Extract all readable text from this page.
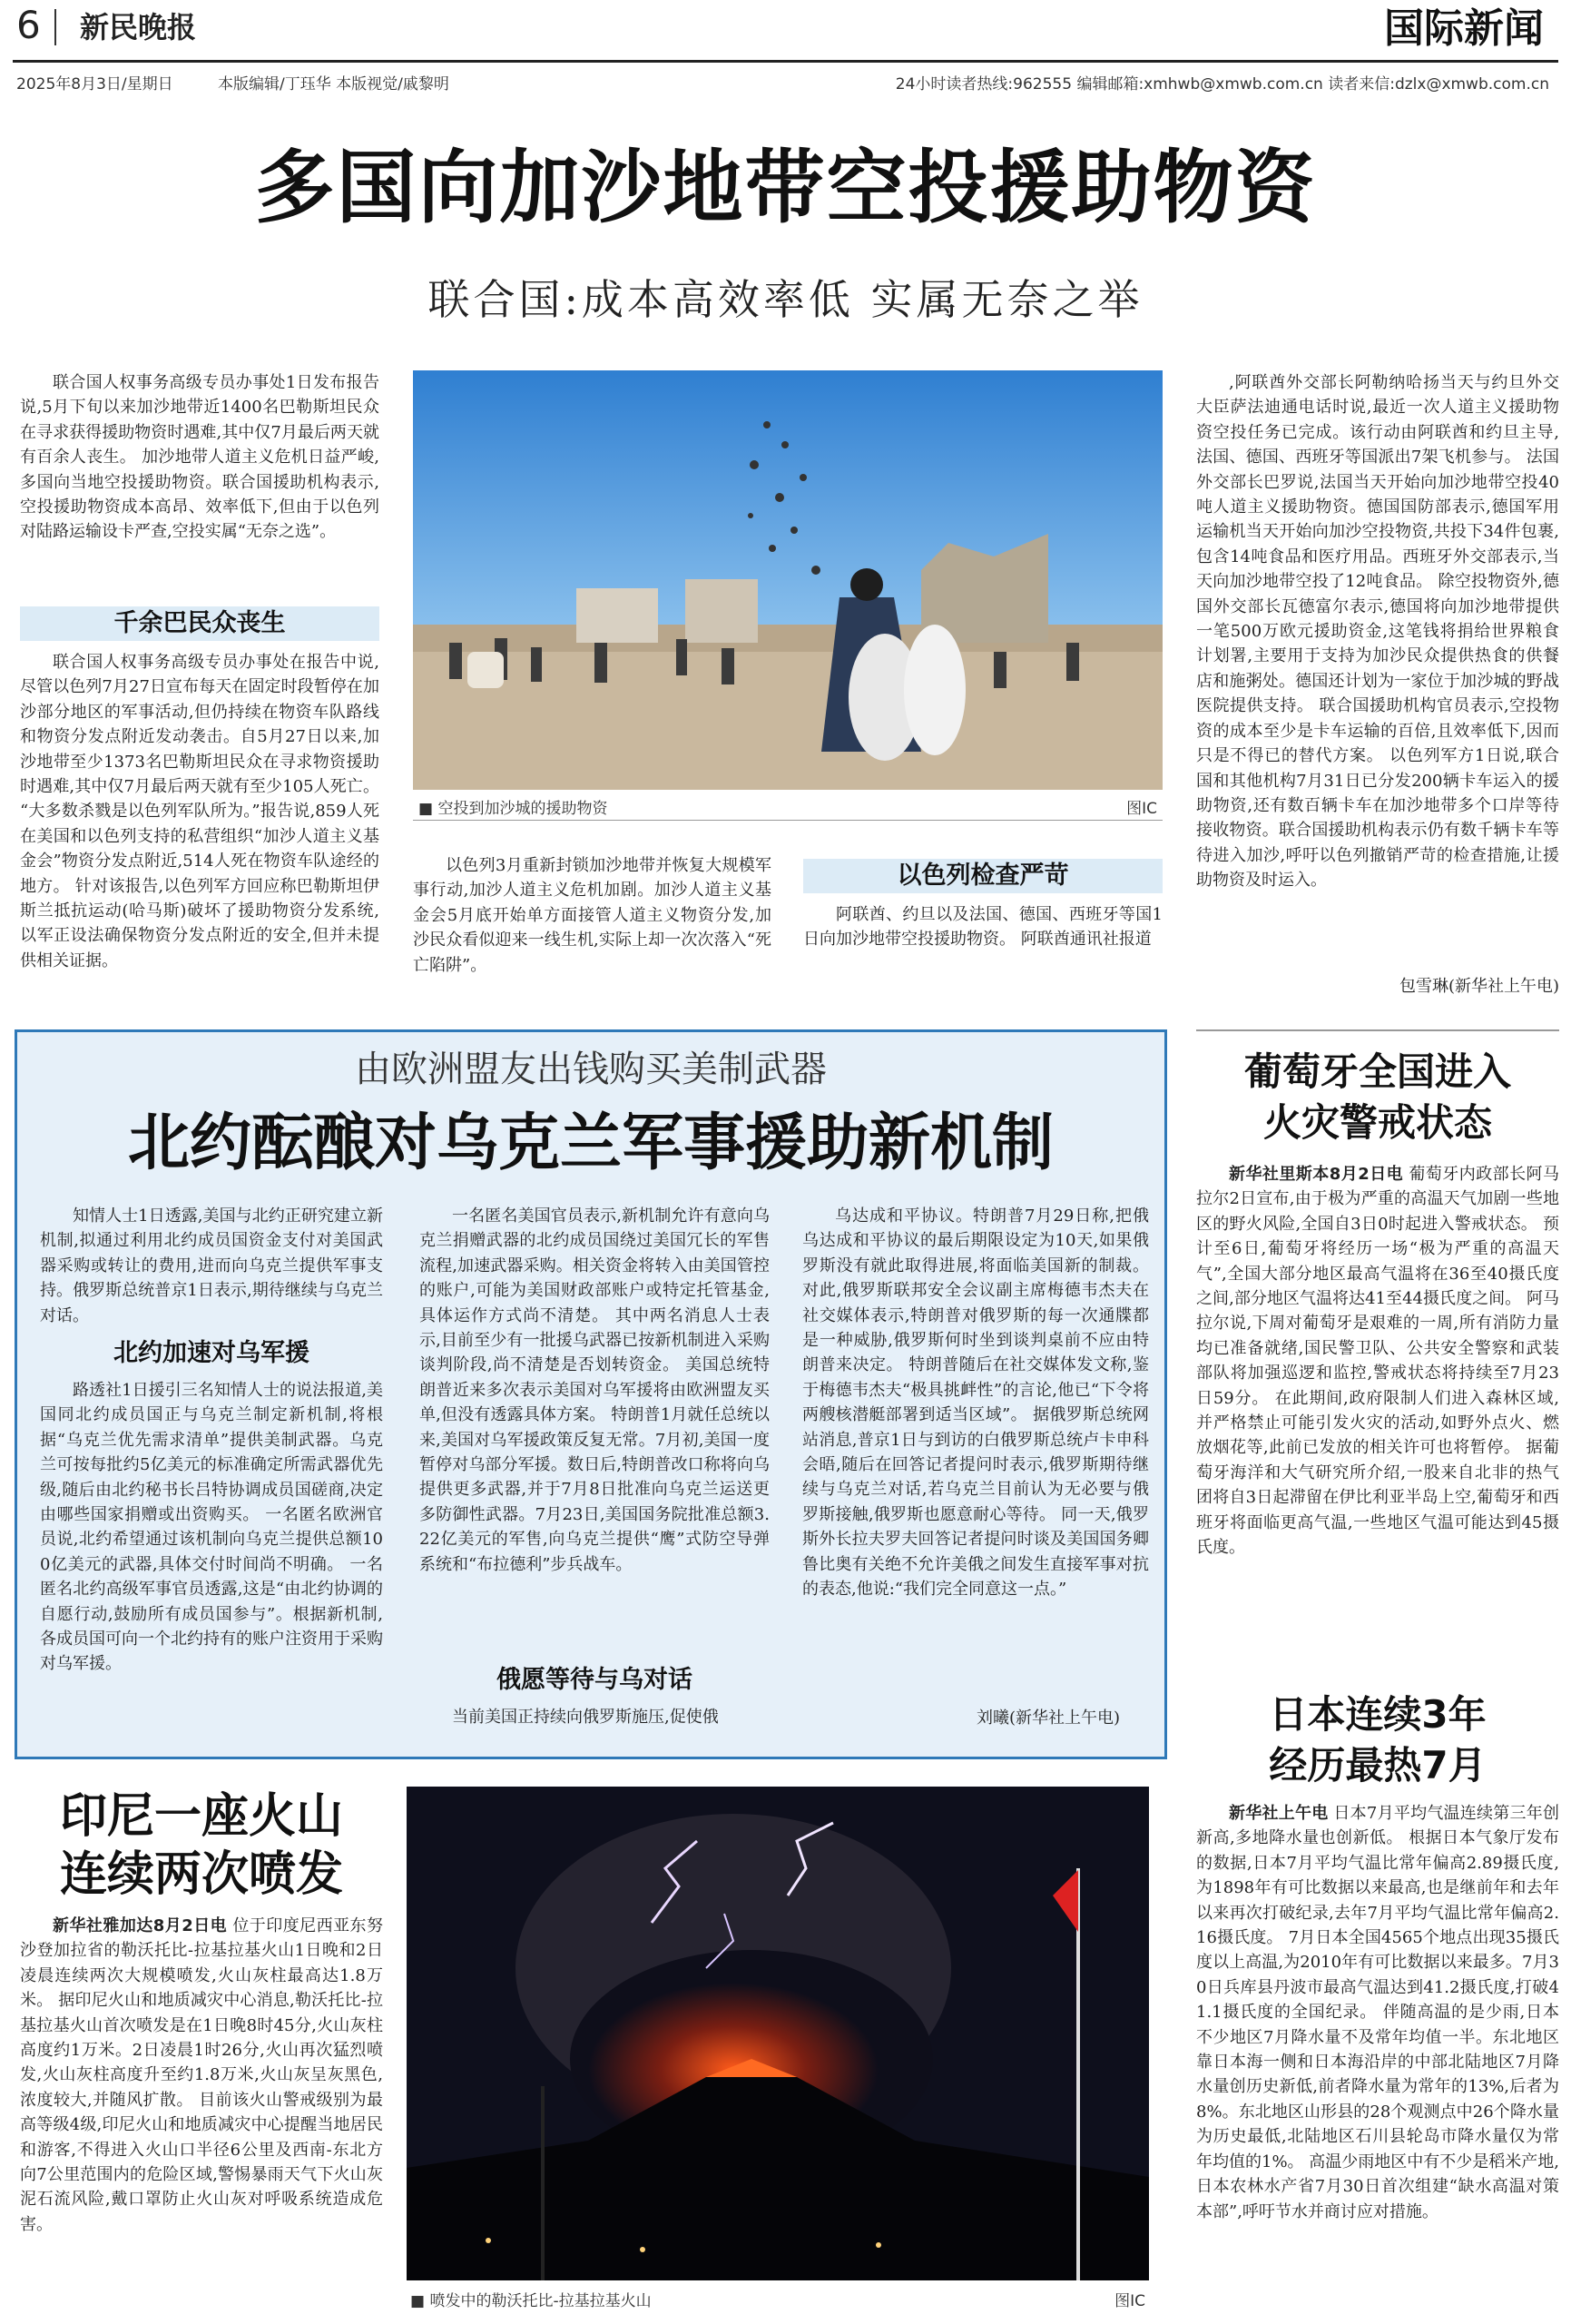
6 新民晚报	国际新闻
2025年8月3日/星期日	本版编辑/丁珏华 本版视觉/戚黎明	24小时读者热线:962555 编辑邮箱:xmhwb@xmwb.com.cn 读者来信:dzlx@xmwb.com.cn
多国向加沙地带空投援助物资
联合国:成本高效率低 实属无奈之举
联合国人权事务高级专员办事处1日发布报告说,5月下旬以来加沙地带近1400名巴勒斯坦民众在寻求获得援助物资时遇难,其中仅7月最后两天就有百余人丧生。 加沙地带人道主义危机日益严峻,多国向当地空投援助物资。联合国援助机构表示,空投援助物资成本高昂、效率低下,但由于以色列对陆路运输设卡严查,空投实属“无奈之选”。
千余巴民众丧生
联合国人权事务高级专员办事处在报告中说,尽管以色列7月27日宣布每天在固定时段暂停在加沙部分地区的军事活动,但仍持续在物资车队路线和物资分发点附近发动袭击。自5月27日以来,加沙地带至少1373名巴勒斯坦民众在寻求物资援助时遇难,其中仅7月最后两天就有至少105人死亡。 “大多数杀戮是以色列军队所为。”报告说,859人死在美国和以色列支持的私营组织“加沙人道主义基金会”物资分发点附近,514人死在物资车队途经的地方。 针对该报告,以色列军方回应称巴勒斯坦伊斯兰抵抗运动(哈马斯)破坏了援助物资分发系统,以军正设法确保物资分发点附近的安全,但并未提供相关证据。
■ 空投到加沙城的援助物资	图IC
以色列3月重新封锁加沙地带并恢复大规模军事行动,加沙人道主义危机加剧。加沙人道主义基金会5月底开始单方面接管人道主义物资分发,加沙民众看似迎来一线生机,实际上却一次次落入“死亡陷阱”。
以色列检查严苛
阿联酋、约旦以及法国、德国、西班牙等国1日向加沙地带空投援助物资。 阿联酋通讯社报道
,阿联酋外交部长阿勒纳哈扬当天与约旦外交大臣萨法迪通电话时说,最近一次人道主义援助物资空投任务已完成。该行动由阿联酋和约旦主导,法国、德国、西班牙等国派出7架飞机参与。 法国外交部长巴罗说,法国当天开始向加沙地带空投40吨人道主义援助物资。德国国防部表示,德国军用运输机当天开始向加沙空投物资,共投下34件包裹,包含14吨食品和医疗用品。西班牙外交部表示,当天向加沙地带空投了12吨食品。 除空投物资外,德国外交部长瓦德富尔表示,德国将向加沙地带提供一笔500万欧元援助资金,这笔钱将捐给世界粮食计划署,主要用于支持为加沙民众提供热食的供餐店和施粥处。德国还计划为一家位于加沙城的野战医院提供支持。 联合国援助机构官员表示,空投物资的成本至少是卡车运输的百倍,且效率低下,因而只是不得已的替代方案。 以色列军方1日说,联合国和其他机构7月31日已分发200辆卡车运入的援助物资,还有数百辆卡车在加沙地带多个口岸等待接收物资。联合国援助机构表示仍有数千辆卡车等待进入加沙,呼吁以色列撤销严苛的检查措施,让援助物资及时运入。
包雪琳(新华社上午电)
由欧洲盟友出钱购买美制武器
北约酝酿对乌克兰军事援助新机制
知情人士1日透露,美国与北约正研究建立新机制,拟通过利用北约成员国资金支付对美国武器采购或转让的费用,进而向乌克兰提供军事支持。俄罗斯总统普京1日表示,期待继续与乌克兰对话。
北约加速对乌军援
路透社1日援引三名知情人士的说法报道,美国同北约成员国正与乌克兰制定新机制,将根据“乌克兰优先需求清单”提供美制武器。乌克兰可按每批约5亿美元的标准确定所需武器优先级,随后由北约秘书长吕特协调成员国磋商,决定由哪些国家捐赠或出资购买。 一名匿名欧洲官员说,北约希望通过该机制向乌克兰提供总额100亿美元的武器,具体交付时间尚不明确。 一名匿名北约高级军事官员透露,这是“由北约协调的自愿行动,鼓励所有成员国参与”。根据新机制,各成员国可向一个北约持有的账户注资用于采购对乌军援。
一名匿名美国官员表示,新机制允许有意向乌克兰捐赠武器的北约成员国绕过美国冗长的军售流程,加速武器采购。相关资金将转入由美国管控的账户,可能为美国财政部账户或特定托管基金,具体运作方式尚不清楚。 其中两名消息人士表示,目前至少有一批援乌武器已按新机制进入采购谈判阶段,尚不清楚是否划转资金。 美国总统特朗普近来多次表示美国对乌军援将由欧洲盟友买单,但没有透露具体方案。 特朗普1月就任总统以来,美国对乌军援政策反复无常。7月初,美国一度暂停对乌部分军援。数日后,特朗普改口称将向乌提供更多武器,并于7月8日批准向乌克兰运送更多防御性武器。7月23日,美国国务院批准总额3.22亿美元的军售,向乌克兰提供“鹰”式防空导弹系统和“布拉德利”步兵战车。
俄愿等待与乌对话
当前美国正持续向俄罗斯施压,促使俄
乌达成和平协议。特朗普7月29日称,把俄乌达成和平协议的最后期限设定为10天,如果俄罗斯没有就此取得进展,将面临美国新的制裁。 对此,俄罗斯联邦安全会议副主席梅德韦杰夫在社交媒体表示,特朗普对俄罗斯的每一次通牒都是一种威胁,俄罗斯何时坐到谈判桌前不应由特朗普来决定。 特朗普随后在社交媒体发文称,鉴于梅德韦杰夫“极具挑衅性”的言论,他已“下令将两艘核潜艇部署到适当区域”。 据俄罗斯总统网站消息,普京1日与到访的白俄罗斯总统卢卡申科会晤,随后在回答记者提问时表示,俄罗斯期待继续与乌克兰对话,若乌克兰目前认为无必要与俄罗斯接触,俄罗斯也愿意耐心等待。 同一天,俄罗斯外长拉夫罗夫回答记者提问时谈及美国国务卿鲁比奥有关绝不允许美俄之间发生直接军事对抗的表态,他说:“我们完全同意这一点。”
刘曦(新华社上午电)
葡萄牙全国进入
火灾警戒状态
新华社里斯本8月2日电 葡萄牙内政部长阿马拉尔2日宣布,由于极为严重的高温天气加剧一些地区的野火风险,全国自3日0时起进入警戒状态。 预计至6日,葡萄牙将经历一场“极为严重的高温天气”,全国大部分地区最高气温将在36至40摄氏度之间,部分地区气温将达41至44摄氏度之间。 阿马拉尔说,下周对葡萄牙是艰难的一周,所有消防力量均已准备就绪,国民警卫队、公共安全警察和武装部队将加强巡逻和监控,警戒状态将持续至7月23日59分。 在此期间,政府限制人们进入森林区域,并严格禁止可能引发火灾的活动,如野外点火、燃放烟花等,此前已发放的相关许可也将暂停。 据葡萄牙海洋和大气研究所介绍,一股来自北非的热气团将自3日起滞留在伊比利亚半岛上空,葡萄牙和西班牙将面临更高气温,一些地区气温可能达到45摄氏度。
日本连续3年
经历最热7月
新华社上午电 日本7月平均气温连续第三年创新高,多地降水量也创新低。 根据日本气象厅发布的数据,日本7月平均气温比常年偏高2.89摄氏度,为1898年有可比数据以来最高,也是继前年和去年以来再次打破纪录,去年7月平均气温比常年偏高2.16摄氏度。 7月日本全国4565个地点出现35摄氏度以上高温,为2010年有可比数据以来最多。7月30日兵库县丹波市最高气温达到41.2摄氏度,打破41.1摄氏度的全国纪录。 伴随高温的是少雨,日本不少地区7月降水量不及常年均值一半。东北地区靠日本海一侧和日本海沿岸的中部北陆地区7月降水量创历史新低,前者降水量为常年的13%,后者为8%。东北地区山形县的28个观测点中26个降水量为历史最低,北陆地区石川县轮岛市降水量仅为常年均值的1%。 高温少雨地区中有不少是稻米产地,日本农林水产省7月30日首次组建“缺水高温对策本部”,呼吁节水并商讨应对措施。
印尼一座火山
连续两次喷发
新华社雅加达8月2日电 位于印度尼西亚东努沙登加拉省的勒沃托比-拉基拉基火山1日晚和2日凌晨连续两次大规模喷发,火山灰柱最高达1.8万米。 据印尼火山和地质减灾中心消息,勒沃托比-拉基拉基火山首次喷发是在1日晚8时45分,火山灰柱高度约1万米。2日凌晨1时26分,火山再次猛烈喷发,火山灰柱高度升至约1.8万米,火山灰呈灰黑色,浓度较大,并随风扩散。 目前该火山警戒级别为最高等级4级,印尼火山和地质减灾中心提醒当地居民和游客,不得进入火山口半径6公里及西南-东北方向7公里范围内的危险区域,警惕暴雨天气下火山灰泥石流风险,戴口罩防止火山灰对呼吸系统造成危害。
■ 喷发中的勒沃托比-拉基拉基火山	图IC
